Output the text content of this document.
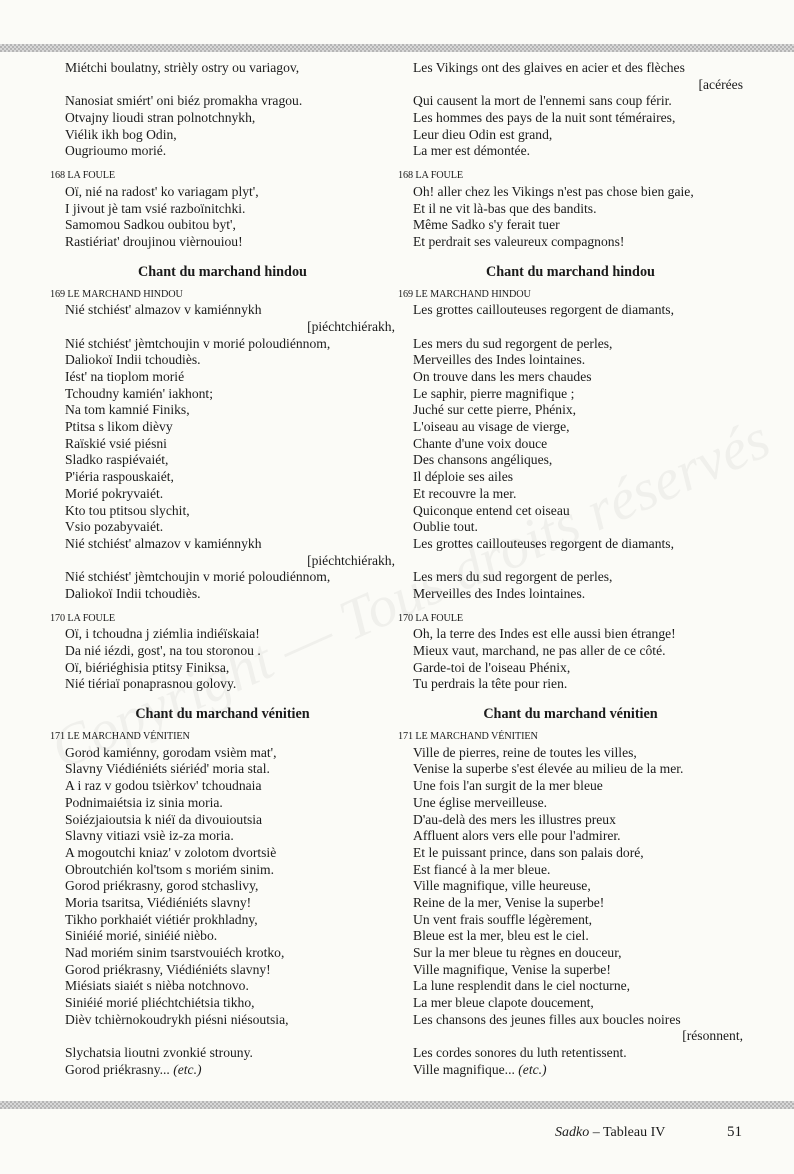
Miétchi boulatny, strièly ostry ou variagov,
Nanosiat smiért' oni biéz promakha vragou.
Otvajny lioudi stran polnotchnykh,
Viélik ikh bog Odin,
Ougrioumo morié.
168 LA FOULE
Oï, nié na radost' ko variagam plyt',
I jivout jè tam vsié razboïnitchki.
Samomou Sadkou oubitou byt',
Rastiériat' droujinou vièrnouiou!
Chant du marchand hindou
169 LE MARCHAND HINDOU
Nié stchiést' almazov v kamiénnykh
[piéchtchiérakh,
Nié stchiést' jèmtchoujin v morié poloudiénnom,
Daliokoï Indii tchoudiès.
Iést' na tioplom morié
Tchoudny kamién' iakhont;
Na tom kamnié Finiks,
Ptitsa s likom dièvy
Raïskié vsié piésni
Sladko raspiévaiét,
P'iéria raspouskaiét,
Morié pokryvaiét.
Kto tou ptitsou slychit,
Vsio pozabyvaiét.
Nié stchiést' almazov v kamiénnykh
[piéchtchiérakh,
Nié stchiést' jèmtchoujin v morié poloudiénnom,
Daliokoï Indii tchoudiès.
170 LA FOULE
Oï, i tchoudna j ziémlia indiéïskaia!
Da nié iézdi, gost', na tou storonou .
Oï, biériéghisia ptitsy Finiksa,
Nié tiériaï ponaprasnou golovy.
Chant du marchand vénitien
171 LE MARCHAND VÉNITIEN
Gorod kamiénny, gorodam vsièm mat',
Slavny Viédiéniéts siériéd' moria stal.
A i raz v godou tsièrkov' tchoudnaia
Podnimaiétsia iz sinia moria.
Soiézjaioutsia k niéï da divouioutsia
Slavny vitiazi vsiè iz-za moria.
A mogoutchi kniaz' v zolotom dvortsiè
Obroutchién kol'tsom s moriém sinim.
Gorod priékrasny, gorod stchaslivy,
Moria tsaritsa, Viédiéniéts slavny!
Tikho porkhaiét viétiér prokhladny,
Siniéié morié, siniéié nièbo.
Nad moriém sinim tsarstvouiéch krotko,
Gorod priékrasny, Viédiéniéts slavny!
Miésiats siaiét s nièba notchnovo.
Siniéié morié pliéchtchiétsia tikho,
Dièv tchièrnokoudrykh piésni niésoutsia,
Slychatsia lioutni zvonkié strouny.
Gorod priékrasny... (etc.)
Les Vikings ont des glaives en acier et des flèches
[acérées
Qui causent la mort de l'ennemi sans coup férir.
Les hommes des pays de la nuit sont téméraires,
Leur dieu Odin est grand,
La mer est démontée.
168 LA FOULE
Oh! aller chez les Vikings n'est pas chose bien gaie,
Et il ne vit là-bas que des bandits.
Même Sadko s'y ferait tuer
Et perdrait ses valeureux compagnons!
Chant du marchand hindou
169 LE MARCHAND HINDOU
Les grottes caillouteuses regorgent de diamants,
Les mers du sud regorgent de perles,
Merveilles des Indes lointaines.
On trouve dans les mers chaudes
Le saphir, pierre magnifique ;
Juché sur cette pierre, Phénix,
L'oiseau au visage de vierge,
Chante d'une voix douce
Des chansons angéliques,
Il déploie ses ailes
Et recouvre la mer.
Quiconque entend cet oiseau
Oublie tout.
Les grottes caillouteuses regorgent de diamants,
Les mers du sud regorgent de perles,
Merveilles des Indes lointaines.
170 LA FOULE
Oh, la terre des Indes est elle aussi bien étrange!
Mieux vaut, marchand, ne pas aller de ce côté.
Garde-toi de l'oiseau Phénix,
Tu perdrais la tête pour rien.
Chant du marchand vénitien
171 LE MARCHAND VÉNITIEN
Ville de pierres, reine de toutes les villes,
Venise la superbe s'est élevée au milieu de la mer.
Une fois l'an surgit de la mer bleue
Une église merveilleuse.
D'au-delà des mers les illustres preux
Affluent alors vers elle pour l'admirer.
Et le puissant prince, dans son palais doré,
Est fiancé à la mer bleue.
Ville magnifique, ville heureuse,
Reine de la mer, Venise la superbe!
Un vent frais souffle légèrement,
Bleue est la mer, bleu est le ciel.
Sur la mer bleue tu règnes en douceur,
Ville magnifique, Venise la superbe!
La lune resplendit dans le ciel nocturne,
La mer bleue clapote doucement,
Les chansons des jeunes filles aux boucles noires
[résonnent,
Les cordes sonores du luth retentissent.
Ville magnifique... (etc.)
Sadko – Tableau IV	51
